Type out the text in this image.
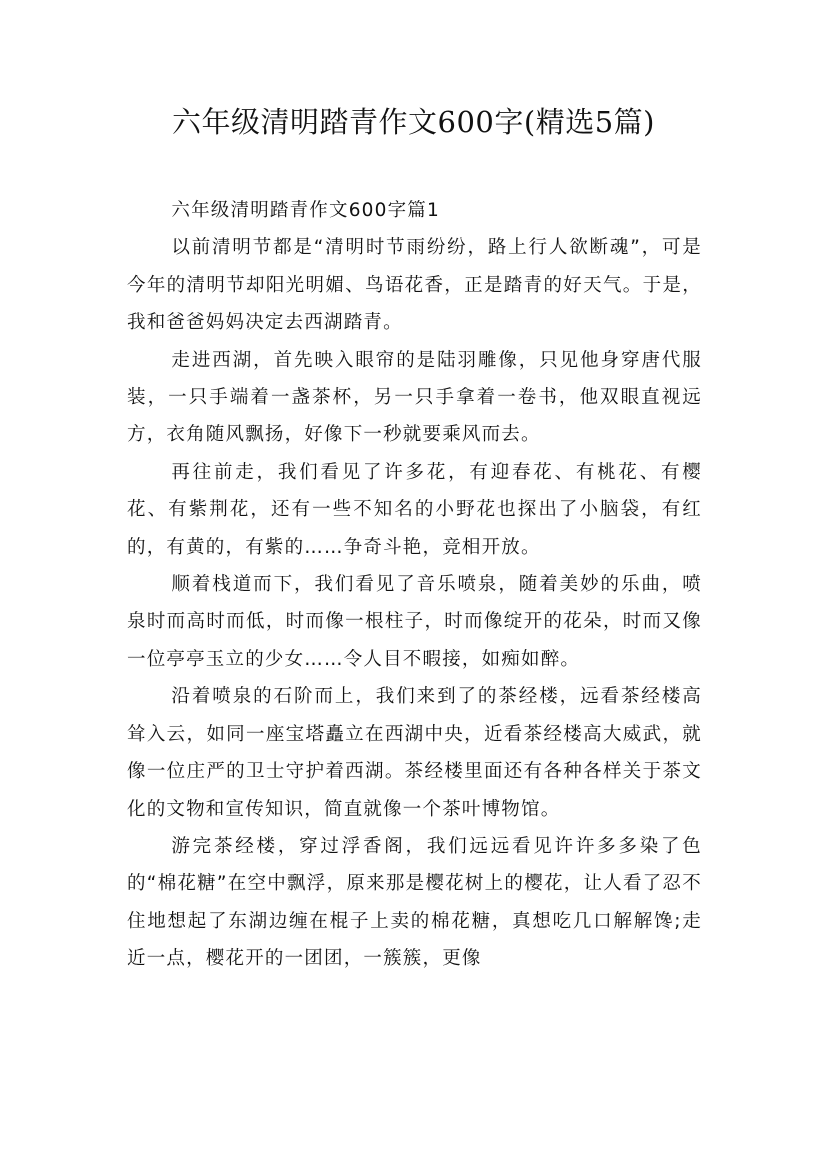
六年级清明踏青作文600字(精选5篇)

六年级清明踏青作文600字篇1

以前清明节都是“清明时节雨纷纷，路上行人欲断魂”，可是今年的清明节却阳光明媚、鸟语花香，正是踏青的好天气。于是，我和爸爸妈妈决定去西湖踏青。

走进西湖，首先映入眼帘的是陆羽雕像，只见他身穿唐代服装，一只手端着一盏茶杯，另一只手拿着一卷书，他双眼直视远方，衣角随风飘扬，好像下一秒就要乘风而去。

再往前走，我们看见了许多花，有迎春花、有桃花、有樱花、有紫荆花，还有一些不知名的小野花也探出了小脑袋，有红的，有黄的，有紫的……争奇斗艳，竞相开放。

顺着栈道而下，我们看见了音乐喷泉，随着美妙的乐曲，喷泉时而高时而低，时而像一根柱子，时而像绽开的花朵，时而又像一位亭亭玉立的少女……令人目不暇接，如痴如醉。

沿着喷泉的石阶而上，我们来到了的茶经楼，远看茶经楼高耸入云，如同一座宝塔矗立在西湖中央，近看茶经楼高大威武，就像一位庄严的卫士守护着西湖。茶经楼里面还有各种各样关于茶文化的文物和宣传知识，简直就像一个茶叶博物馆。

游完茶经楼，穿过浮香阁，我们远远看见许许多多染了色的“棉花糖”在空中飘浮，原来那是樱花树上的樱花，让人看了忍不住地想起了东湖边缠在棍子上卖的棉花糖，真想吃几口解解馋;走近一点，樱花开的一团团，一簇簇，更像
